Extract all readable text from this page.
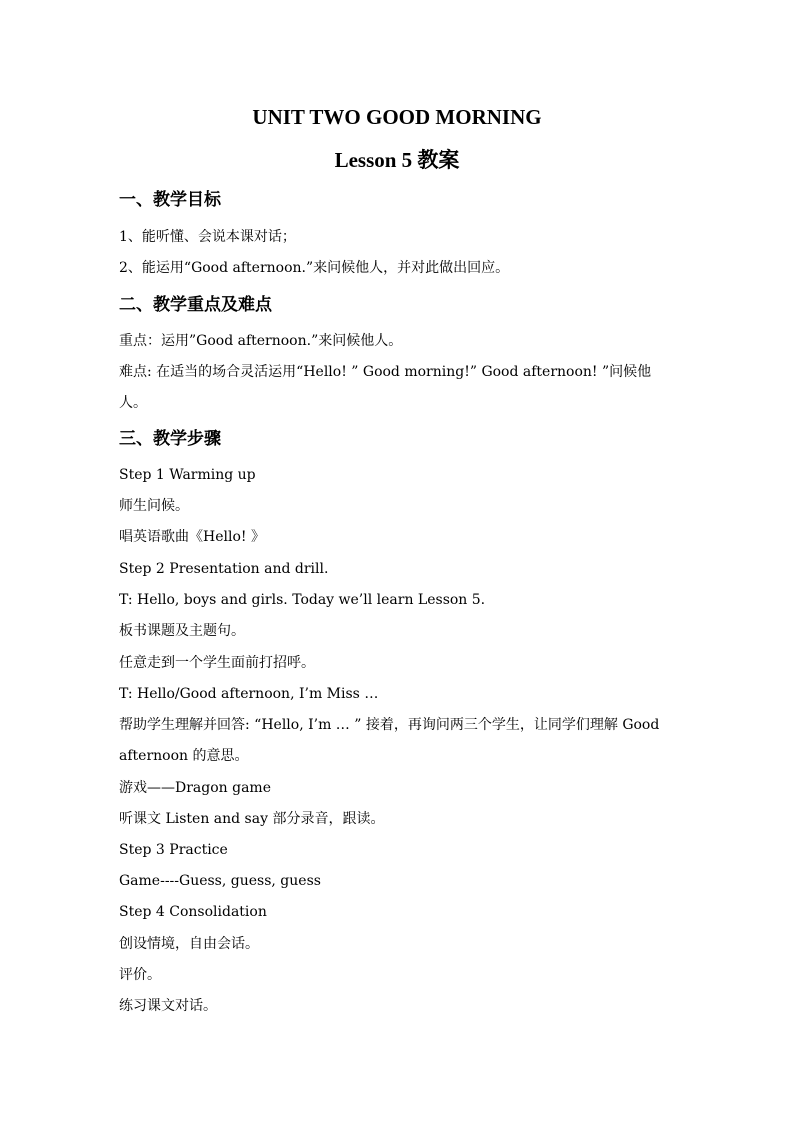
UNIT TWO GOOD MORNING
Lesson 5 教案
一、教学目标
1、能听懂、会说本课对话；
2、能运用“Good afternoon.”来问候他人，并对此做出回应。
二、教学重点及难点
重点：运用”Good afternoon.”来问候他人。
难点: 在适当的场合灵活运用“Hello! ” Good morning!” Good afternoon! ”问候他
人。
三、教学步骤
Step 1 Warming up
师生问候。
唱英语歌曲《Hello! 》
Step 2 Presentation and drill.
T: Hello, boys and girls. Today we’ll learn Lesson 5.
板书课题及主题句。
任意走到一个学生面前打招呼。
T: Hello/Good afternoon, I’m Miss …
帮助学生理解并回答: “Hello, I’m … ” 接着，再询问两三个学生，让同学们理解 Good
afternoon 的意思。
游戏——Dragon game
听课文 Listen and say 部分录音，跟读。
Step 3 Practice
Game----Guess, guess, guess
Step 4 Consolidation
创设情境，自由会话。
评价。
练习课文对话。
